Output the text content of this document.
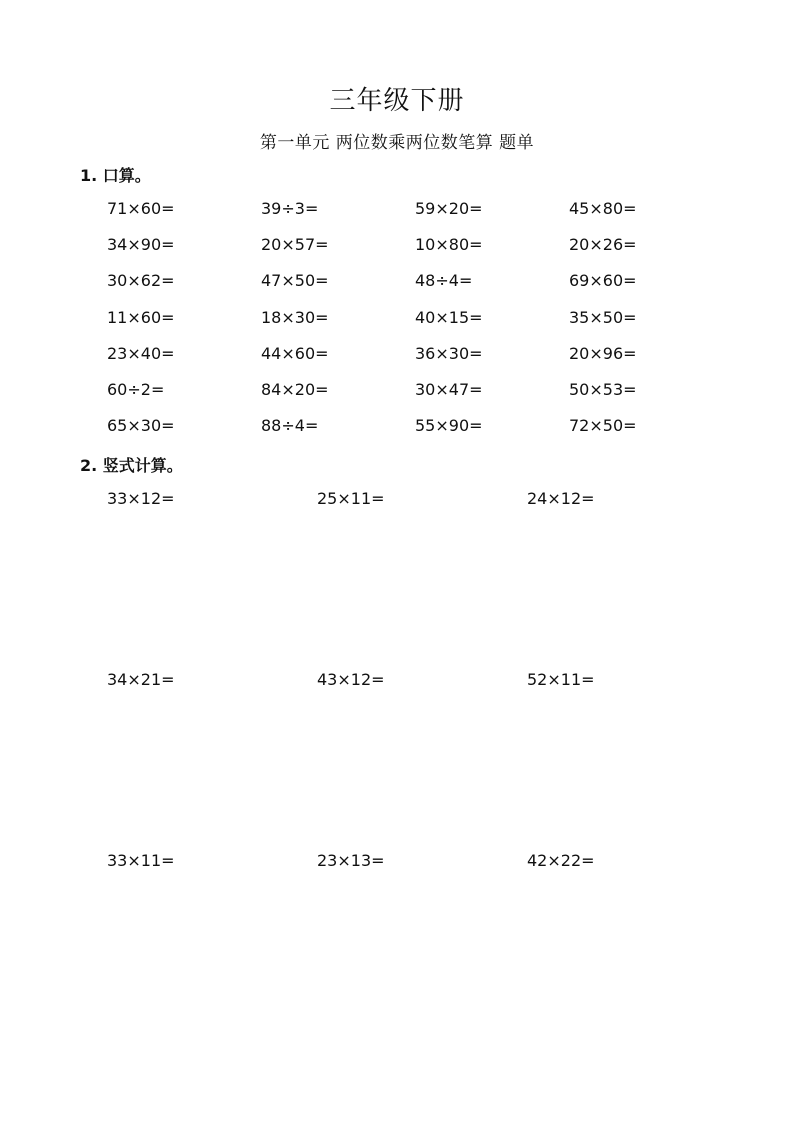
三年级下册
第一单元 两位数乘两位数笔算 题单
1. 口算。
71×60=	39÷3=	59×20=	45×80=
34×90=	20×57=	10×80=	20×26=
30×62=	47×50=	48÷4=	69×60=
11×60=	18×30=	40×15=	35×50=
23×40=	44×60=	36×30=	20×96=
60÷2=	84×20=	30×47=	50×53=
65×30=	88÷4=	55×90=	72×50=
2. 竖式计算。
33×12=	25×11=	24×12=
34×21=	43×12=	52×11=
33×11=	23×13=	42×22=
